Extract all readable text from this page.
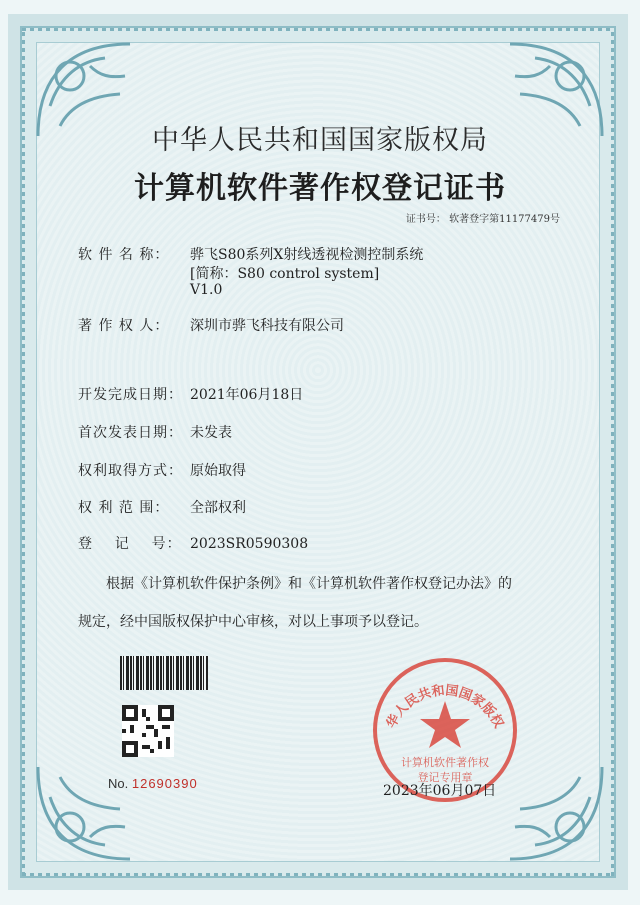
中华人民共和国国家版权局
计算机软件著作权登记证书
证书号： 软著登字第11177479号
软 件 名 称： 骅飞S80系列X射线透视检测控制系统
[简称：S80 control system]
V1.0
著 作 权 人： 深圳市骅飞科技有限公司
开发完成日期： 2021年06月18日
首次发表日期： 未发表
权利取得方式： 原始取得
权 利 范 围： 全部权利
登    记    号： 2023SR0590308
　　根据《计算机软件保护条例》和《计算机软件著作权登记办法》的
规定，经中国版权保护中心审核，对以上事项予以登记。
No. 12690390
华人民共和国国家版权
计算机软件著作权
登记专用章
2023年06月07日
